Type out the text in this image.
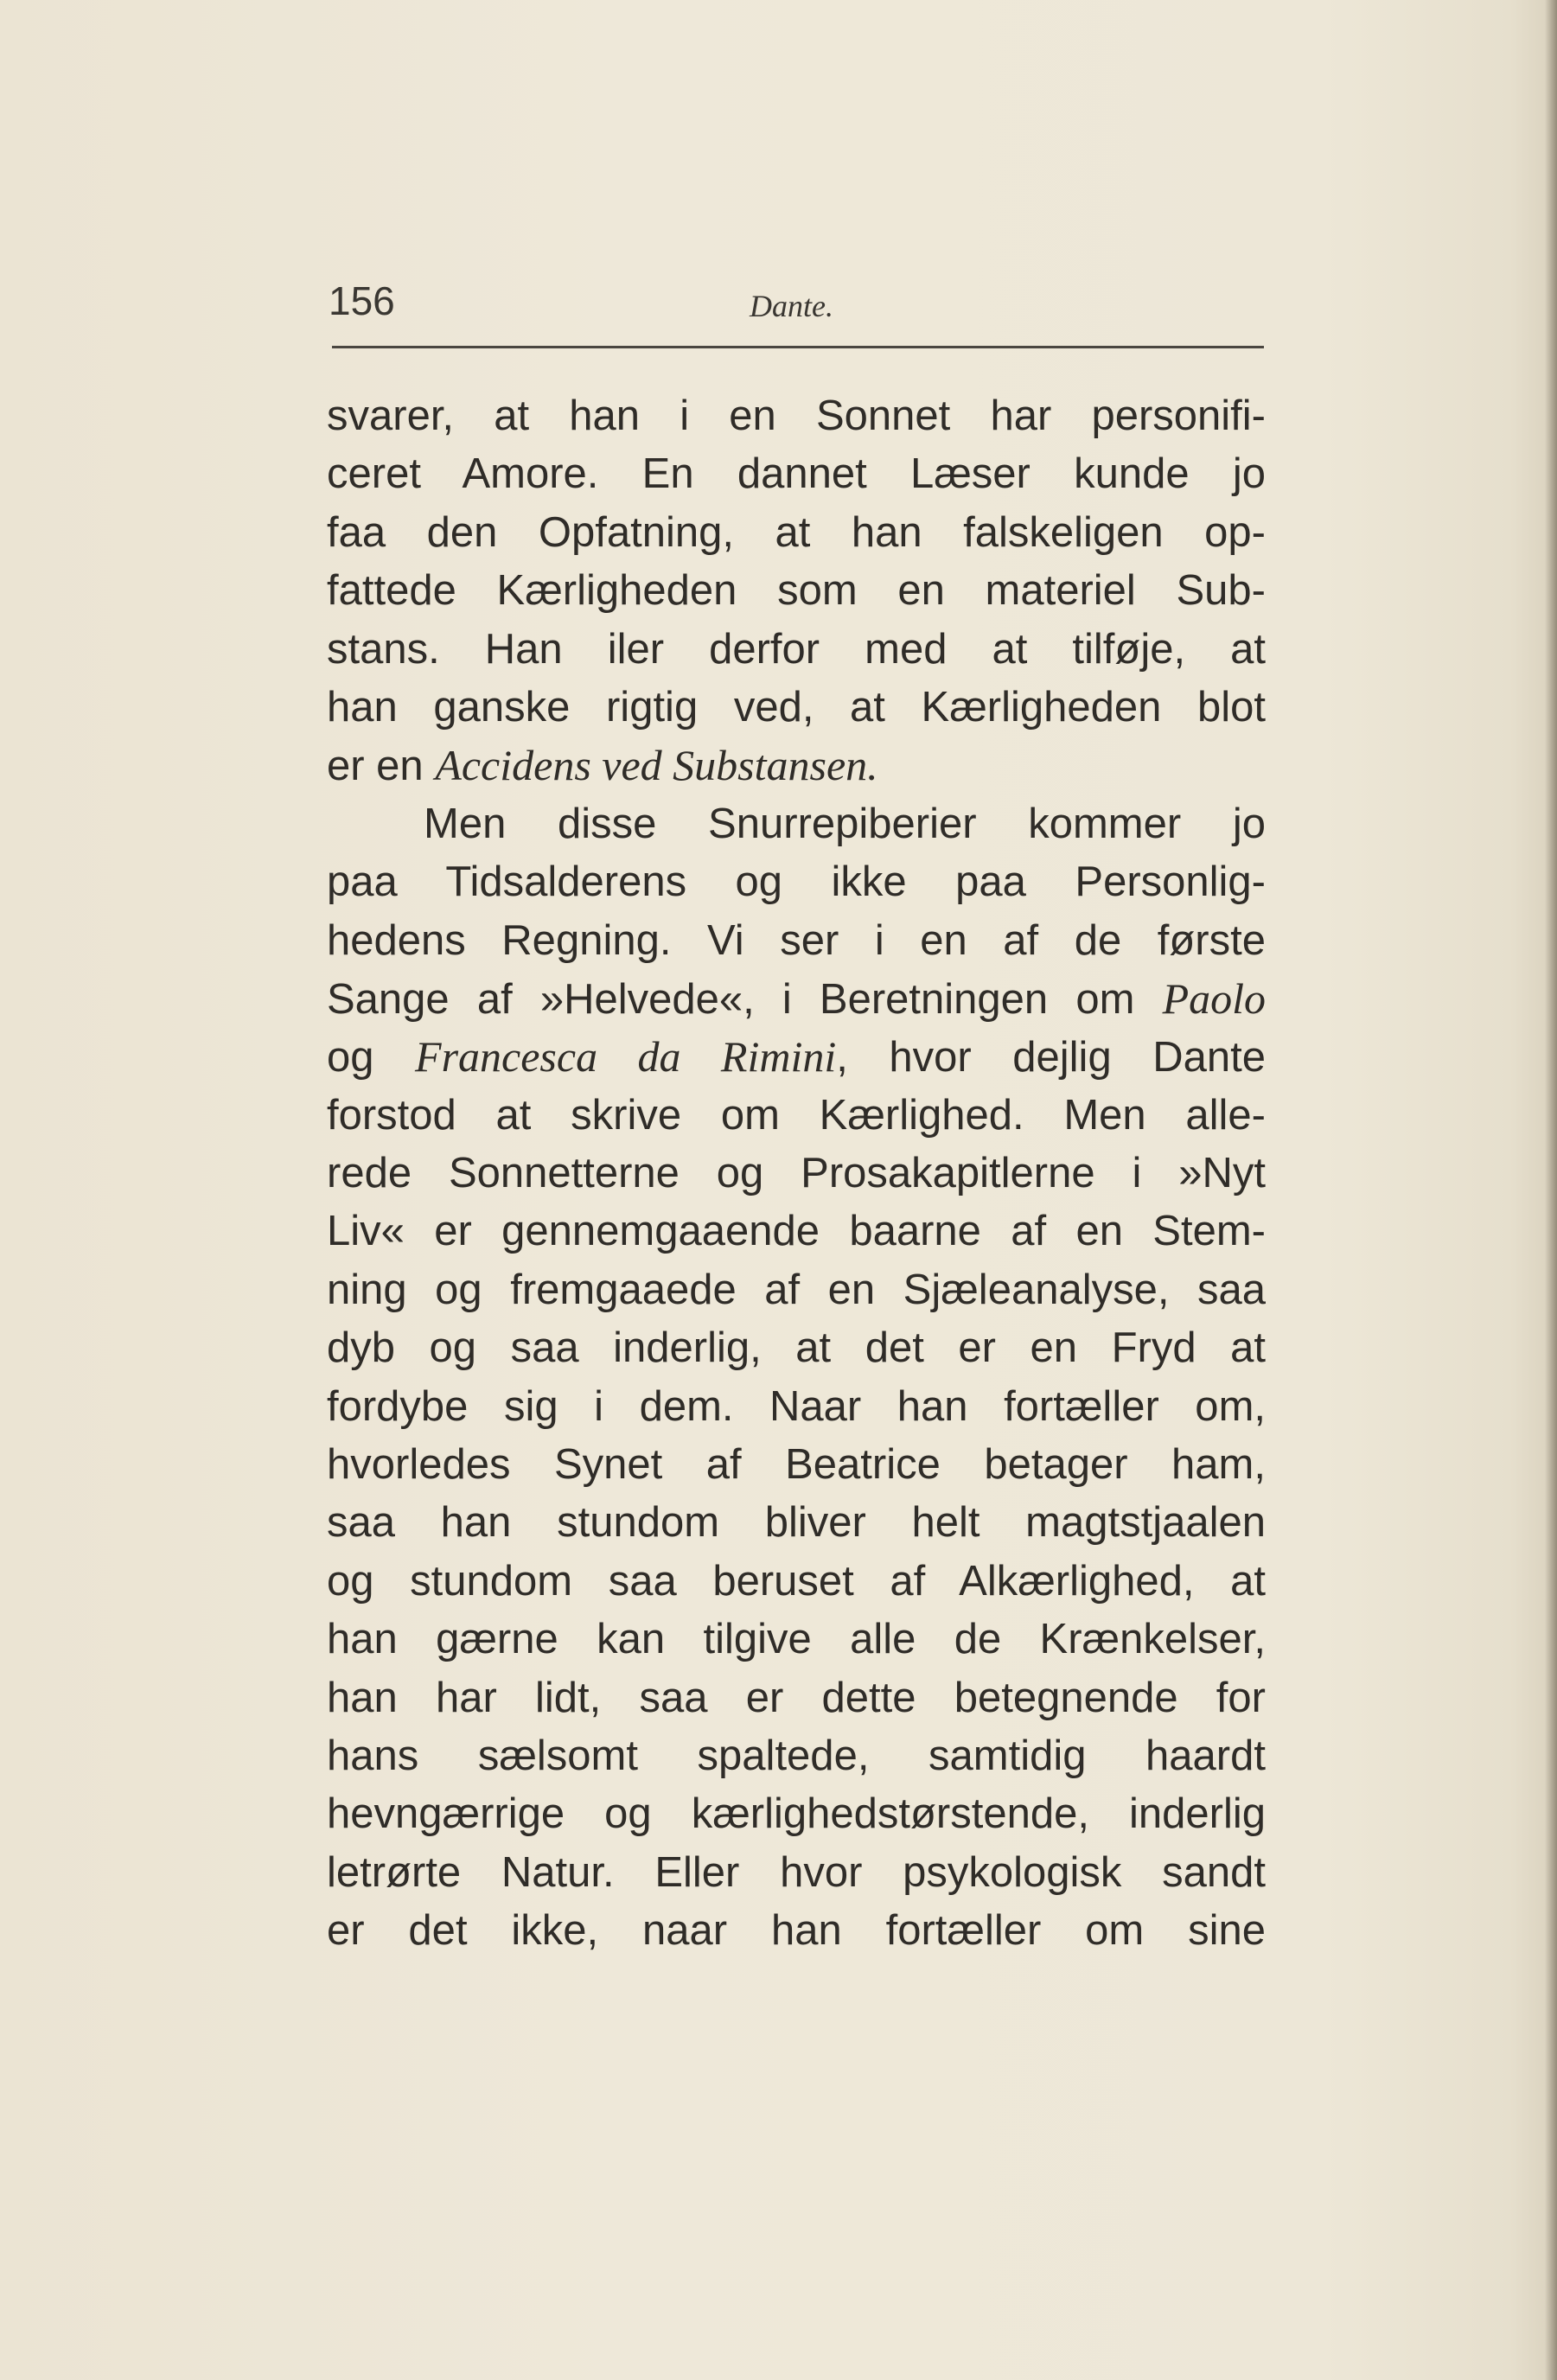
156	Dante.
svarer, at han i en Sonnet har personifi-
ceret Amore. En dannet Læser kunde jo
faa den Opfatning, at han falskeligen op-
fattede Kærligheden som en materiel Sub-
stans. Han iler derfor med at tilføje, at
han ganske rigtig ved, at Kærligheden blot
er en Accidens ved Substansen.
Men disse Snurrepiberier kommer jo
paa Tidsalderens og ikke paa Personlig-
hedens Regning. Vi ser i en af de første
Sange af »Helvede«, i Beretningen om Paolo
og Francesca da Rimini, hvor dejlig Dante
forstod at skrive om Kærlighed. Men alle-
rede Sonnetterne og Prosakapitlerne i »Nyt
Liv« er gennemgaaende baarne af en Stem-
ning og fremgaaede af en Sjæleanalyse, saa
dyb og saa inderlig, at det er en Fryd at
fordybe sig i dem. Naar han fortæller om,
hvorledes Synet af Beatrice betager ham,
saa han stundom bliver helt magtstjaalen
og stundom saa beruset af Alkærlighed, at
han gærne kan tilgive alle de Krænkelser,
han har lidt, saa er dette betegnende for
hans sælsomt spaltede, samtidig haardt
hevngærrige og kærlighedstørstende, inderlig
letrørte Natur. Eller hvor psykologisk sandt
er det ikke, naar han fortæller om sine
